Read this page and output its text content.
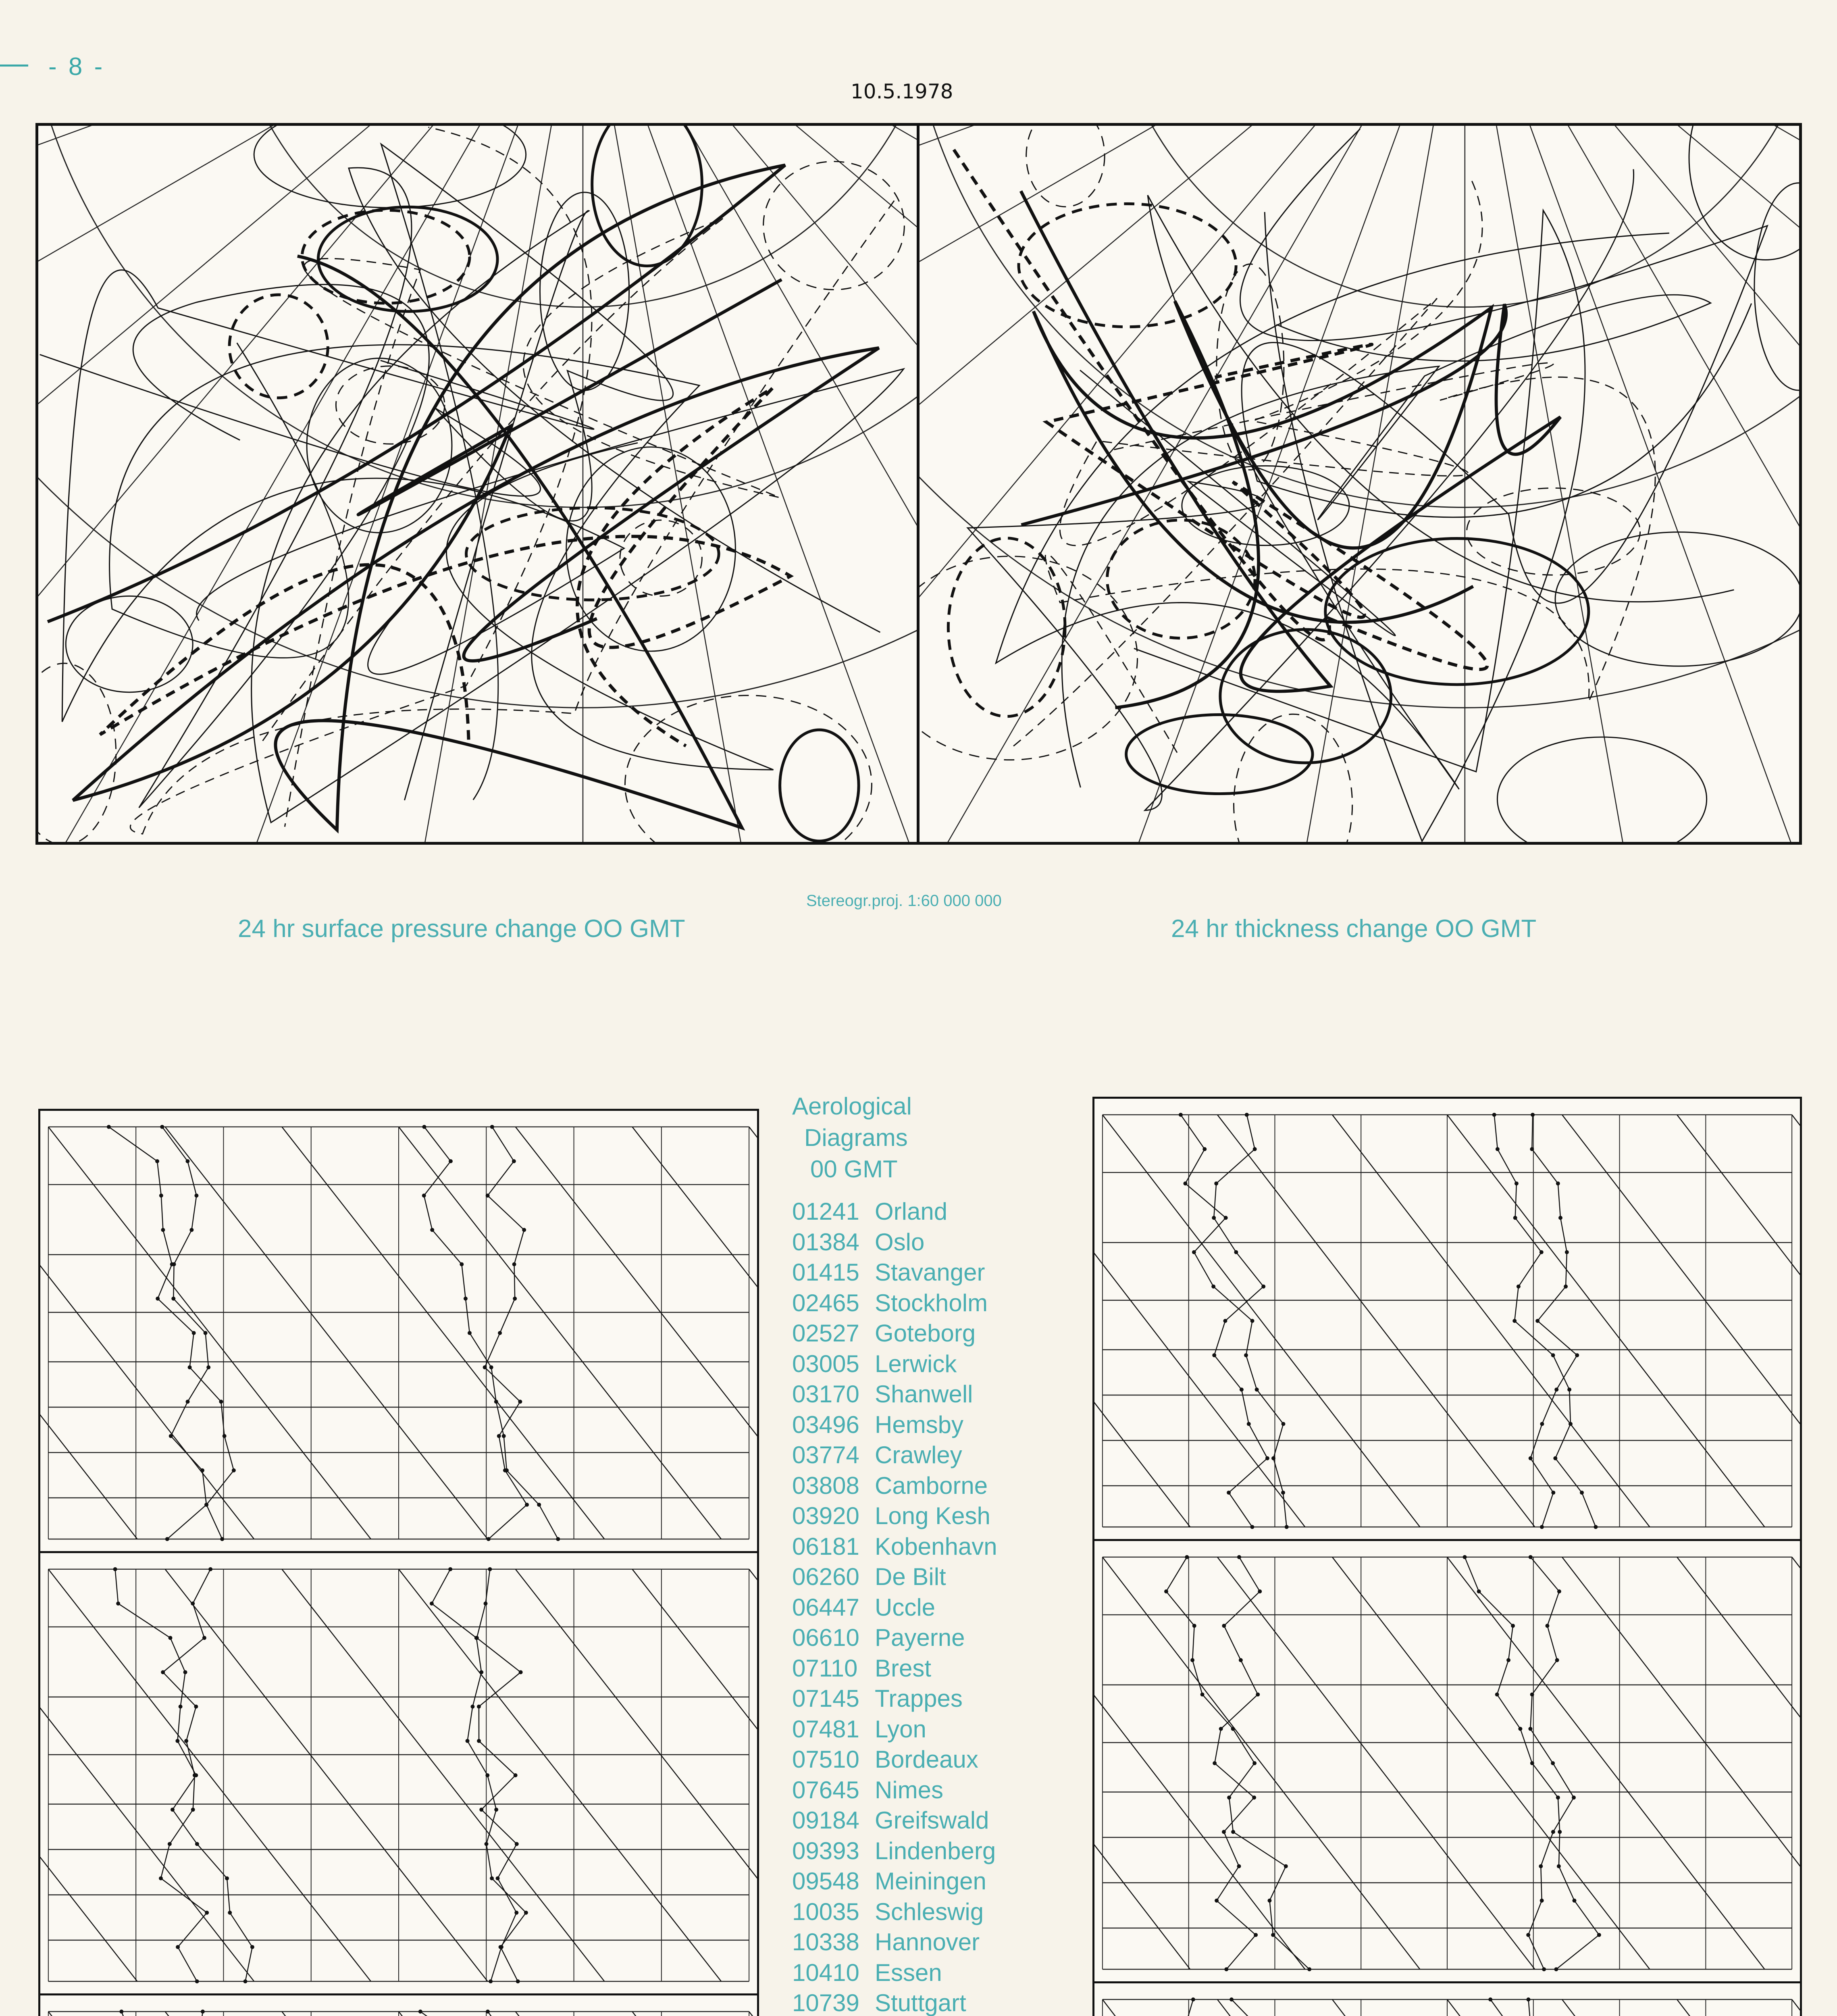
- 8 -
10.5.1978
Stereogr.proj. 1:60 000 000
24 hr surface pressure change OO GMT	24 hr thickness change OO GMT
Aerological
Diagrams
00 GMT
01241 Orland
01384 Oslo
01415 Stavanger
02465 Stockholm
02527 Goteborg
03005 Lerwick
03170 Shanwell
03496 Hemsby
03774 Crawley
03808 Camborne
03920 Long Kesh
06181 Kobenhavn
06260 De Bilt
06447 Uccle
06610 Payerne
07110 Brest
07145 Trappes
07481 Lyon
07510 Bordeaux
07645 Nimes
09184 Greifswald
09393 Lindenberg
09548 Meiningen
10035 Schleswig
10338 Hannover
10410 Essen
10739 Stuttgart
